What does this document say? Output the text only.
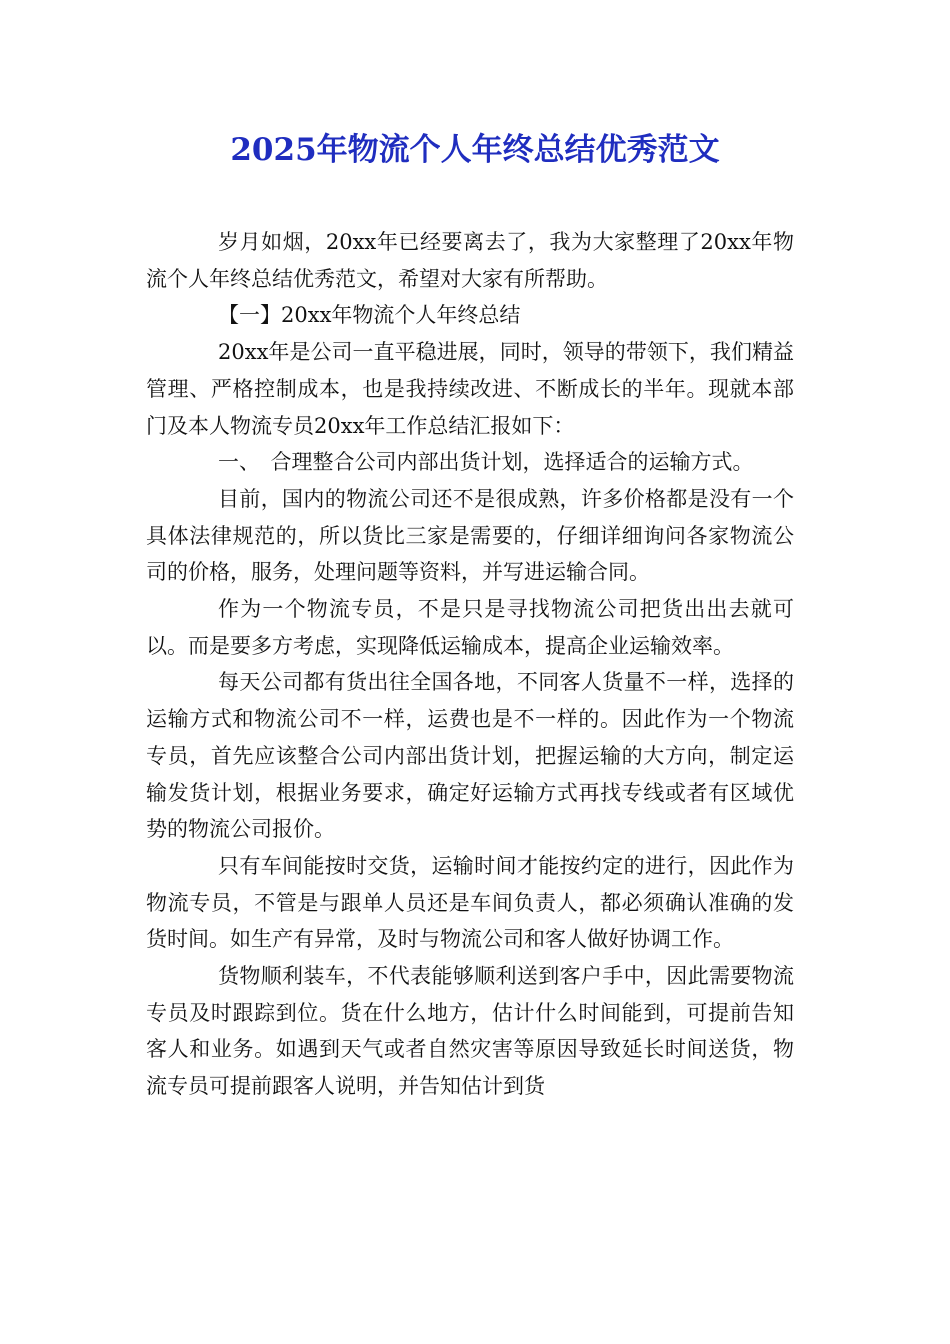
2025年物流个人年终总结优秀范文

岁月如烟，20xx年已经要离去了，我为大家整理了20xx年物流个人年终总结优秀范文，希望对大家有所帮助。

【一】20xx年物流个人年终总结

20xx年是公司一直平稳进展，同时，领导的带领下，我们精益管理、严格控制成本，也是我持续改进、不断成长的半年。现就本部门及本人物流专员20xx年工作总结汇报如下：

一、　合理整合公司内部出货计划，选择适合的运输方式。

目前，国内的物流公司还不是很成熟，许多价格都是没有一个具体法律规范的，所以货比三家是需要的，仔细详细询问各家物流公司的价格，服务，处理问题等资料，并写进运输合同。

作为一个物流专员，不是只是寻找物流公司把货出出去就可以。而是要多方考虑，实现降低运输成本，提高企业运输效率。

每天公司都有货出往全国各地，不同客人货量不一样，选择的运输方式和物流公司不一样，运费也是不一样的。因此作为一个物流专员，首先应该整合公司内部出货计划，把握运输的大方向，制定运输发货计划，根据业务要求，确定好运输方式再找专线或者有区域优势的物流公司报价。

只有车间能按时交货，运输时间才能按约定的进行，因此作为物流专员，不管是与跟单人员还是车间负责人，都必须确认准确的发货时间。如生产有异常，及时与物流公司和客人做好协调工作。

货物顺利装车，不代表能够顺利送到客户手中，因此需要物流专员及时跟踪到位。货在什么地方，估计什么时间能到，可提前告知客人和业务。如遇到天气或者自然灾害等原因导致延长时间送货，物流专员可提前跟客人说明，并告知估计到货
